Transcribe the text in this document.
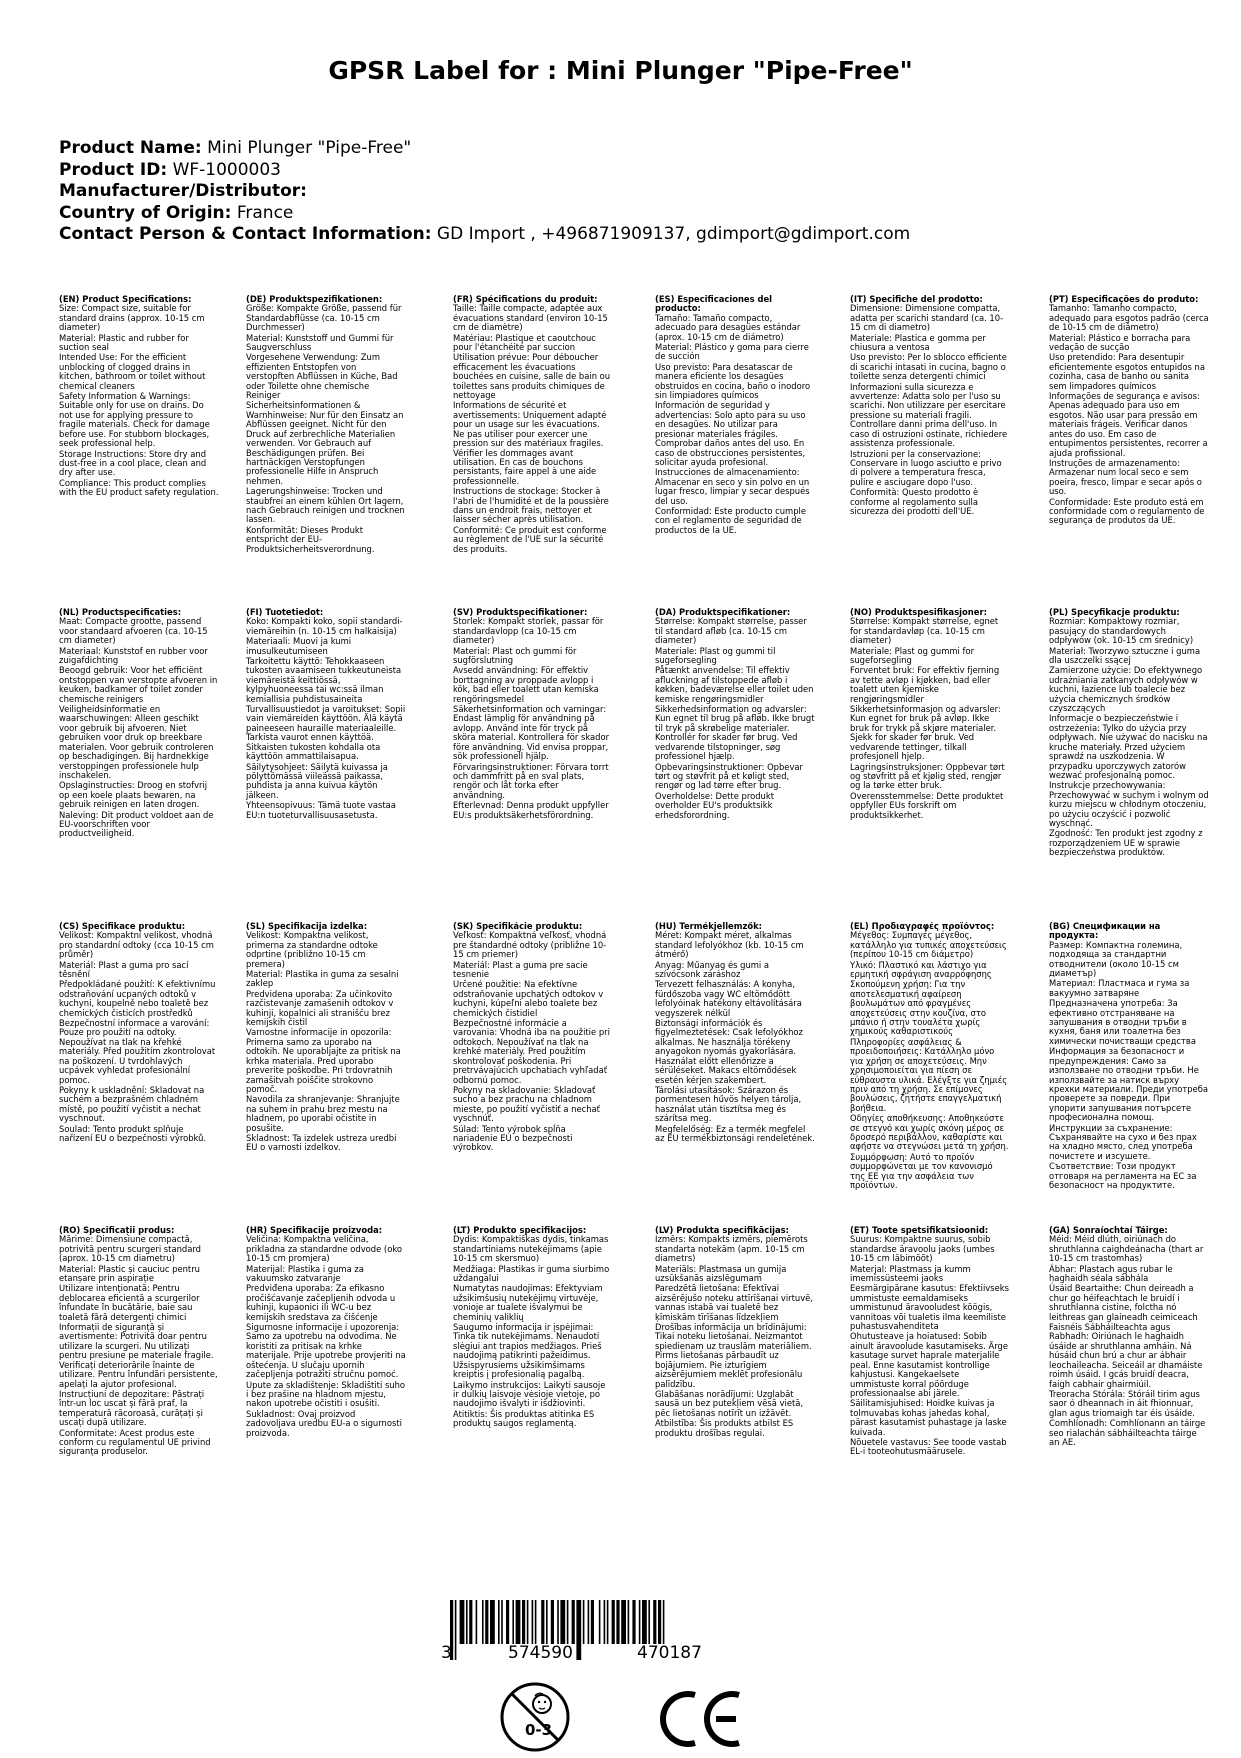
GPSR Label for : Mini Plunger "Pipe-Free"
Product Name: Mini Plunger "Pipe-Free"
Product ID: WF-1000003
Manufacturer/Distributor:
Country of Origin: France
Contact Person & Contact Information: GD Import , +496871909137, gdimport@gdimport.com
(EN) Product Specifications:

Size: Compact size, suitable for standard drains (approx. 10-15 cm diameter)

Material: Plastic and rubber for suction seal

Intended Use: For the efficient unblocking of clogged drains in kitchen, bathroom or toilet without chemical cleaners

Safety Information & Warnings: Suitable only for use on drains. Do not use for applying pressure to fragile materials. Check for damage before use. For stubborn blockages, seek professional help.

Storage Instructions: Store dry and dust-free in a cool place, clean and dry after use.

Compliance: This product complies with the EU product safety regulation.

(DE) Produktspezifikationen:

Größe: Kompakte Größe, passend für Standardabflüsse (ca. 10-15 cm Durchmesser)

Material: Kunststoff und Gummi für Saugverschluss

Vorgesehene Verwendung: Zum effizienten Entstopfen von verstopften Abflüssen in Küche, Bad oder Toilette ohne chemische Reiniger

Sicherheitsinformationen & Warnhinweise: Nur für den Einsatz an Abflüssen geeignet. Nicht für den Druck auf zerbrechliche Materialien verwenden. Vor Gebrauch auf Beschädigungen prüfen. Bei hartnäckigen Verstopfungen professionelle Hilfe in Anspruch nehmen.

Lagerungshinweise: Trocken und staubfrei an einem kühlen Ort lagern, nach Gebrauch reinigen und trocknen lassen.

Konformität: Dieses Produkt entspricht der EU-Produktsicherheitsverordnung.

(FR) Spécifications du produit:

Taille: Taille compacte, adaptée aux évacuations standard (environ 10-15 cm de diamètre)

Matériau: Plastique et caoutchouc pour l'étanchéité par succion

Utilisation prévue: Pour déboucher efficacement les évacuations bouchées en cuisine, salle de bain ou toilettes sans produits chimiques de nettoyage

Informations de sécurité et avertissements: Uniquement adapté pour un usage sur les évacuations. Ne pas utiliser pour exercer une pression sur des matériaux fragiles. Vérifier les dommages avant utilisation. En cas de bouchons persistants, faire appel à une aide professionnelle.

Instructions de stockage: Stocker à l'abri de l'humidité et de la poussière dans un endroit frais, nettoyer et laisser sécher après utilisation.

Conformité: Ce produit est conforme au règlement de l'UE sur la sécurité des produits.

(ES) Especificaciones del producto:

Tamaño: Tamaño compacto, adecuado para desagües estándar (aprox. 10-15 cm de diámetro)

Material: Plástico y goma para cierre de succión

Uso previsto: Para desatascar de manera eficiente los desagües obstruidos en cocina, baño o inodoro sin limpiadores químicos

Información de seguridad y advertencias: Solo apto para su uso en desagües. No utilizar para presionar materiales frágiles. Comprobar daños antes del uso. En caso de obstrucciones persistentes, solicitar ayuda profesional.

Instrucciones de almacenamiento: Almacenar en seco y sin polvo en un lugar fresco, limpiar y secar después del uso.

Conformidad: Este producto cumple con el reglamento de seguridad de productos de la UE.

(IT) Specifiche del prodotto:

Dimensione: Dimensione compatta, adatta per scarichi standard (ca. 10-15 cm di diametro)

Materiale: Plastica e gomma per chiusura a ventosa

Uso previsto: Per lo sblocco efficiente di scarichi intasati in cucina, bagno o toilette senza detergenti chimici

Informazioni sulla sicurezza e avvertenze: Adatta solo per l'uso su scarichi. Non utilizzare per esercitare pressione su materiali fragili. Controllare danni prima dell'uso. In caso di ostruzioni ostinate, richiedere assistenza professionale.

Istruzioni per la conservazione: Conservare in luogo asciutto e privo di polvere a temperatura fresca, pulire e asciugare dopo l'uso.

Conformità: Questo prodotto è conforme al regolamento sulla sicurezza dei prodotti dell'UE.

(PT) Especificações do produto:

Tamanho: Tamanho compacto, adequado para esgotos padrão (cerca de 10-15 cm de diâmetro)

Material: Plástico e borracha para vedação de sucção

Uso pretendido: Para desentupir eficientemente esgotos entupidos na cozinha, casa de banho ou sanita sem limpadores químicos

Informações de segurança e avisos: Apenas adequado para uso em esgotos. Não usar para pressão em materiais frágeis. Verificar danos antes do uso. Em caso de entupimentos persistentes, recorrer a ajuda profissional.

Instruções de armazenamento: Armazenar num local seco e sem poeira, fresco, limpar e secar após o uso.

Conformidade: Este produto está em conformidade com o regulamento de segurança de produtos da UE.

(NL) Productspecificaties:

Maat: Compacte grootte, passend voor standaard afvoeren (ca. 10-15 cm diameter)

Materiaal: Kunststof en rubber voor zuigafdichting

Beoogd gebruik: Voor het efficiënt ontstoppen van verstopte afvoeren in keuken, badkamer of toilet zonder chemische reinigers

Veiligheidsinformatie en waarschuwingen: Alleen geschikt voor gebruik bij afvoeren. Niet gebruiken voor druk op breekbare materialen. Voor gebruik controleren op beschadigingen. Bij hardnekkige verstoppingen professionele hulp inschakelen.

Opslaginstructies: Droog en stofvrij op een koele plaats bewaren, na gebruik reinigen en laten drogen.

Naleving: Dit product voldoet aan de EU-voorschriften voor productveiligheid.

(FI) Tuotetiedot:

Koko: Kompakti koko, sopii standardi-viemäreihin (n. 10-15 cm halkaisija)

Materiaali: Muovi ja kumi imusulkeutumiseen

Tarkoitettu käyttö: Tehokkaaseen tukosten avaamiseen tukkeutuneista viemäreistä keittiössä, kylpyhuoneessa tai wc:ssä ilman kemiallisia puhdistusaineita

Turvallisuustiedot ja varoitukset: Sopii vain viemäreiden käyttöön. Älä käytä paineeseen hauraille materiaaleille. Tarkista vaurot ennen käyttöä. Sitkaisten tukosten kohdalla ota käyttöön ammattilaisapua.

Säilytysohjeet: Säilytä kuivassa ja pölyttömässä viileässä paikassa, puhdista ja anna kuivua käytön jälkeen.

Yhteensopivuus: Tämä tuote vastaa EU:n tuoteturvallisuusasetusta.

(SV) Produktspecifikationer:

Storlek: Kompakt storlek, passar för standardavlopp (ca 10-15 cm diameter)

Material: Plast och gummi för sugförslutning

Avsedd användning: För effektiv borttagning av proppade avlopp i kök, bad eller toalett utan kemiska rengöringsmedel

Säkerhetsinformation och varningar: Endast lämplig för användning på avlopp. Använd inte för tryck på sköra material. Kontrollera för skador före användning. Vid envisa proppar, sök professionell hjälp.

Förvaringsinstruktioner: Förvara torrt och dammfritt på en sval plats, rengör och låt torka efter användning.

Efterlevnad: Denna produkt uppfyller EU:s produktsäkerhetsförordning.

(DA) Produktspecifikationer:

Størrelse: Kompakt størrelse, passer til standard afløb (ca. 10-15 cm diameter)

Materiale: Plast og gummi til sugeforsegling

Påtænkt anvendelse: Til effektiv afluckning af tilstoppede afløb i køkken, badeværelse eller toilet uden kemiske rengøringsmidler

Sikkerhedsinformation og advarsler: Kun egnet til brug på afløb. Ikke brugt til tryk på skrøbelige materialer. Kontrollér for skader før brug. Ved vedvarende tilstopninger, søg professionel hjælp.

Opbevaringsinstruktioner: Opbevar tørt og støvfrit på et køligt sted, rengør og lad tørre efter brug.

Overholdelse: Dette produkt overholder EU's produktsikk erhedsforordning.

(NO) Produktspesifikasjoner:

Størrelse: Kompakt størrelse, egnet for standardavløp (ca. 10-15 cm diameter)

Materiale: Plast og gummi for sugeforsegling

Forventet bruk: For effektiv fjerning av tette avløp i kjøkken, bad eller toalett uten kjemiske rengjøringsmidler

Sikkerhetsinformasjon og advarsler: Kun egnet for bruk på avløp. Ikke bruk for trykk på skjøre materialer. Sjekk for skader før bruk. Ved vedvarende tettinger, tilkall profesjonell hjelp.

Lagringsinstruksjoner: Oppbevar tørt og støvfritt på et kjølig sted, rengjør og la tørke etter bruk.

Overensstemmelse: Dette produktet oppfyller EUs forskrift om produktsikkerhet.

(PL) Specyfikacje produktu:

Rozmiar: Kompaktowy rozmiar, pasujący do standardowych odpływów (ok. 10-15 cm średnicy)

Materiał: Tworzywo sztuczne i guma dla uszczelki ssącej

Zamierzone użycie: Do efektywnego udrażniania zatkanych odpływów w kuchni, łazience lub toalecie bez użycia chemicznych środków czyszczących

Informacje o bezpieczeństwie i ostrzeżenia: Tylko do użycia przy odpływach. Nie używać do nacisku na kruche materiały. Przed użyciem sprawdź na uszkodzenia. W przypadku uporczywych zatorów wezwać profesjonalną pomoc.

Instrukcje przechowywania: Przechowywać w suchym i wolnym od kurzu miejscu w chłodnym otoczeniu, po użyciu oczyścić i pozwolić wyschnąć.

Zgodność: Ten produkt jest zgodny z rozporządzeniem UE w sprawie bezpieczeństwa produktów.

(CS) Specifikace produktu:

Velikost: Kompaktní velikost, vhodná pro standardní odtoky (cca 10-15 cm průměr)

Materiál: Plast a guma pro sací těsnění

Předpokládané použití: K efektivnímu odstraňování ucpaných odtoků v kuchyni, koupelně nebo toaletě bez chemických čisticích prostředků

Bezpečnostní informace a varování: Pouze pro použití na odtoky. Nepoužívat na tlak na křehké materiály. Před použitím zkontrolovat na poškození. U tvrdohlavých ucpávek vyhledat profesionální pomoc.

Pokyny k uskladnění: Skladovat na suchém a bezprašném chladném místě, po použití vyčistit a nechat vyschnout.

Soulad: Tento produkt splňuje nařízení EU o bezpečnosti výrobků.

(SL) Specifikacija izdelka:

Velikost: Kompaktna velikost, primerna za standardne odtoke odprtine (približno 10-15 cm premera)

Material: Plastika in guma za sesalni zaklep

Predvidena uporaba: Za učinkovito razčistevanje zamašenih odtokov v kuhinji, kopalnici ali stranišču brez kemijskih čistil

Varnostne informacije in opozorila: Primerna samo za uporabo na odtokih. Ne uporabljajte za pritisk na krhka materiala. Pred uporabo preverite poškodbe. Pri trdovratnih zamašitvah poiščite strokovno pomoč.

Navodila za shranjevanje: Shranjujte na suhem in prahu brez mestu na hladnem, po uporabi očistite in posušite.

Skladnost: Ta izdelek ustreza uredbi EU o varnosti izdelkov.

(SK) Špecifikácie produktu:

Veľkosť: Kompaktná veľkosť, vhodná pre štandardné odtoky (približne 10-15 cm priemer)

Materiál: Plast a guma pre sacie tesnenie

Určené použitie: Na efektívne odstraňovanie upchatých odtokov v kuchyni, kúpeľni alebo toalete bez chemických čistidiel

Bezpečnostné informácie a varovania: Vhodná iba na použitie pri odtokoch. Nepoužívať na tlak na krehké materiály. Pred použitím skontrolovať poškodenia. Pri pretrvávajúcich upchatiach vyhľadať odbornú pomoc.

Pokyny na skladovanie: Skladovať sucho a bez prachu na chladnom mieste, po použití vyčistiť a nechať vyschnúť.

Súlad: Tento výrobok spĺňa nariadenie EÚ o bezpečnosti výrobkov.

(HU) Termékjellemzők:

Méret: Kompakt méret, alkalmas standard lefolyókhoz (kb. 10-15 cm átmérő)

Anyag: Műanyag és gumi a szívócsonk záráshoz

Tervezett felhasználás: A konyha, fürdőszoba vagy WC eltömődött lefolyóinak hatékony eltávolítására vegyszerek nélkül

Biztonsági információk és figyelmeztetések: Csak lefolyókhoz alkalmas. Ne használja törékeny anyagokon nyomás gyakorlására. Használat előtt ellenőrizze a sérüléseket. Makacs eltömődések esetén kérjen szakembert.

Tárolási utasítások: Szárazon és pormentesen hűvös helyen tárolja, használat után tisztítsa meg és szárítsa meg.

Megfelelőség: Ez a termék megfelel az EU termékbiztonsági rendeletének.

(EL) Προδιαγραφές προϊόντος:

Μέγεθος: Συμπαγές μέγεθος, κατάλληλο για τυπικές αποχετεύσεις (περίπου 10-15 cm διάμετρο)

Υλικό: Πλαστικό και λάστιχο για ερμητική σφράγιση αναρρόφησης

Σκοπούμενη χρήση: Για την αποτελεσματική αφαίρεση βουλωμάτων από φραγμένες αποχετεύσεις στην κουζίνα, στο μπάνιο ή στην τουαλέτα χωρίς χημικούς καθαριστικούς

Πληροφορίες ασφάλειας & προειδοποιήσεις: Κατάλληλο μόνο για χρήση σε αποχετεύσεις. Μην χρησιμοποιείται για πίεση σε εύθραυστα υλικά. Ελέγξτε για ζημιές πριν από τη χρήση. Σε επίμονες βουλώσεις, ζητήστε επαγγελματική βοήθεια.

Οδηγίες αποθήκευσης: Αποθηκεύστε σε στεγνό και χωρίς σκόνη μέρος σε δροσερό περιβάλλον, καθαρίστε και αφήστε να στεγνώσει μετά τη χρήση.

Συμμόρφωση: Αυτό το προϊόν συμμορφώνεται με τον κανονισμό της ΕΕ για την ασφάλεια των προϊόντων.

(BG) Спецификации на продукта:

Размер: Компактна големина, подходяща за стандартни отводнители (около 10-15 см диаметър)

Материал: Пластмаса и гума за вакуумно затваряне

Предназначена употреба: За ефективно отстраняване на запушвания в отводни тръби в кухня, баня или тоалетна без химически почистващи средства

Информация за безопасност и предупреждения: Само за използване по отводни тръби. Не използвайте за натиск върху крехки материали. Преди употреба проверете за повреди. При упорити запушвания потърсете професионална помощ.

Инструкции за съхранение: Съхранявайте на сухо и без прах на хладно място, след употреба почистете и изсушете.

Съответствие: Този продукт отговаря на регламента на ЕС за безопасност на продуктите.

(RO) Specificații produs:

Mărime: Dimensiune compactă, potrivită pentru scurgeri standard (aprox. 10-15 cm diametru)

Material: Plastic și cauciuc pentru etanșare prin aspirație

Utilizare intenționată: Pentru deblocarea eficientă a scurgerilor înfundate în bucătărie, baie sau toaletă fără detergenți chimici

Informații de siguranță și avertismente: Potrivită doar pentru utilizare la scurgeri. Nu utilizați pentru presiune pe materiale fragile. Verificați deteriorările înainte de utilizare. Pentru înfundări persistente, apelați la ajutor profesional.

Instrucțiuni de depozitare: Păstrați într-un loc uscat și fără praf, la temperatură răcoroasă, curățați și uscați după utilizare.

Conformitate: Acest produs este conform cu regulamentul UE privind siguranța produselor.

(HR) Specifikacije proizvoda:

Veličina: Kompaktna veličina, prikladna za standardne odvode (oko 10-15 cm promjera)

Materijal: Plastika i guma za vakuumsko zatvaranje

Predviđena uporaba: Za efikasno pročišćavanje začepljenih odvoda u kuhinji, kupaonici ili WC-u bez kemijskih sredstava za čišćenje

Sigurnosne informacije i upozorenja: Samo za upotrebu na odvodima. Ne koristiti za pritisak na krhke materijale. Prije upotrebe provjeriti na oštećenja. U slučaju upornih začepljenja potražiti stručnu pomoć.

Upute za skladištenje: Skladištiti suho i bez prašine na hladnom mjestu, nakon upotrebe očistiti i osušiti.

Sukladnost: Ovaj proizvod zadovoljava uredbu EU-a o sigurnosti proizvoda.

(LT) Produkto specifikacijos:

Dydis: Kompaktiškas dydis, tinkamas standartiniams nutekėjimams (apie 10-15 cm skersmuo)

Medžiaga: Plastikas ir guma siurbimo uždangalui

Numatytas naudojimas: Efektyviam užsikimšusių nutekėjimų virtuvėje, vonioje ar tualete išvalymui be cheminių valiklių

Saugumo informacija ir įspėjimai: Tinka tik nutekėjimams. Nenaudoti slėgiui ant trapios medžiagos. Prieš naudojimą patikrinti pažeidimus. Užsispyrusiems užsikimšimams kreiptis į profesionalią pagalbą.

Laikymo instrukcijos: Laikyti sausoje ir dulkių laisvoje vėsioje vietoje, po naudojimo išvalyti ir išdžiovinti.

Atitiktis: Šis produktas atitinka ES produktų saugos reglamentą.

(LV) Produkta specifikācijas:

Izmērs: Kompakts izmērs, piemērots standarta notekām (apm. 10-15 cm diametrs)

Materiāls: Plastmasa un gumija uzsūkšanās aizslēgumam

Paredzētā lietošana: Efektīvai aizsērējušo noteku attīrīšanai virtuvē, vannas istabā vai tualetē bez ķīmiskām tīrīšanas līdzekļiem

Drošības informācija un brīdinājumi: Tikai noteku lietošanai. Neizmantot spiedienam uz trauslām materiāliem. Pirms lietošanas pārbaudīt uz bojājumiem. Pie izturīgiem aizsērējumiem meklēt profesionālu palīdzību.

Glabāšanas norādījumi: Uzglabāt sausā un bez putekļiem vēsā vietā, pēc lietošanas notīrīt un izžāvēt.

Atbilstība: Šis produkts atbilst ES produktu drošības regulai.

(ET) Toote spetsifikatsioonid:

Suurus: Kompaktne suurus, sobib standardse äravoolu jaoks (umbes 10-15 cm läbimõõt)

Materjal: Plastmass ja kumm imemissüsteemi jaoks

Eesmärgipärane kasutus: Efektiivseks ummistuste eemaldamiseks ummistunud äravooludest köögis, vannitoas või tualetis ilma keemiliste puhastusvahenditeta

Ohutusteave ja hoiatused: Sobib ainult äravoolude kasutamiseks. Ärge kasutage survet haprale materjalile peal. Enne kasutamist kontrollige kahjustusi. Kangekaelsete ummistuste korral pöörduge professionaalse abi järele.

Säilitamisjuhised: Hoidke kuivas ja tolmuvabas kohas jahedas kohal, pärast kasutamist puhastage ja laske kuivada.

Nõuetele vastavus: See toode vastab EL-i tooteohutusmäärusele.

(GA) Sonraíochtaí Táirge:

Méid: Méid dlúth, oiriúnach do shruthlanna caighdeánacha (thart ar 10-15 cm trastomhas)

Ábhar: Plastach agus rubar le haghaidh séala sábhála

Úsáid Beartaithe: Chun deireadh a chur go héifeachtach le bruidí i shruthlanna cistine, folctha nó leithreas gan glaineadh ceimiceach

Faisnéis Sábháilteachta agus Rabhadh: Oiriúnach le haghaidh úsáide ar shruthlanna amháin. Ná húsáid chun brú a chur ar ábhair leochaileacha. Seiceáil ar dhamáiste roimh úsáid. I gcás bruidí deacra, faigh cabhair ghairmiúil.

Treoracha Stórála: Stóráil tirim agus saor ó dheannach in áit fhionnuar, glan agus triomaigh tar éis úsáide.

Comhlíonadh: Comhlíonann an táirge seo rialachán sábháilteachta táirge an AE.

3	574590	470187
0-3
